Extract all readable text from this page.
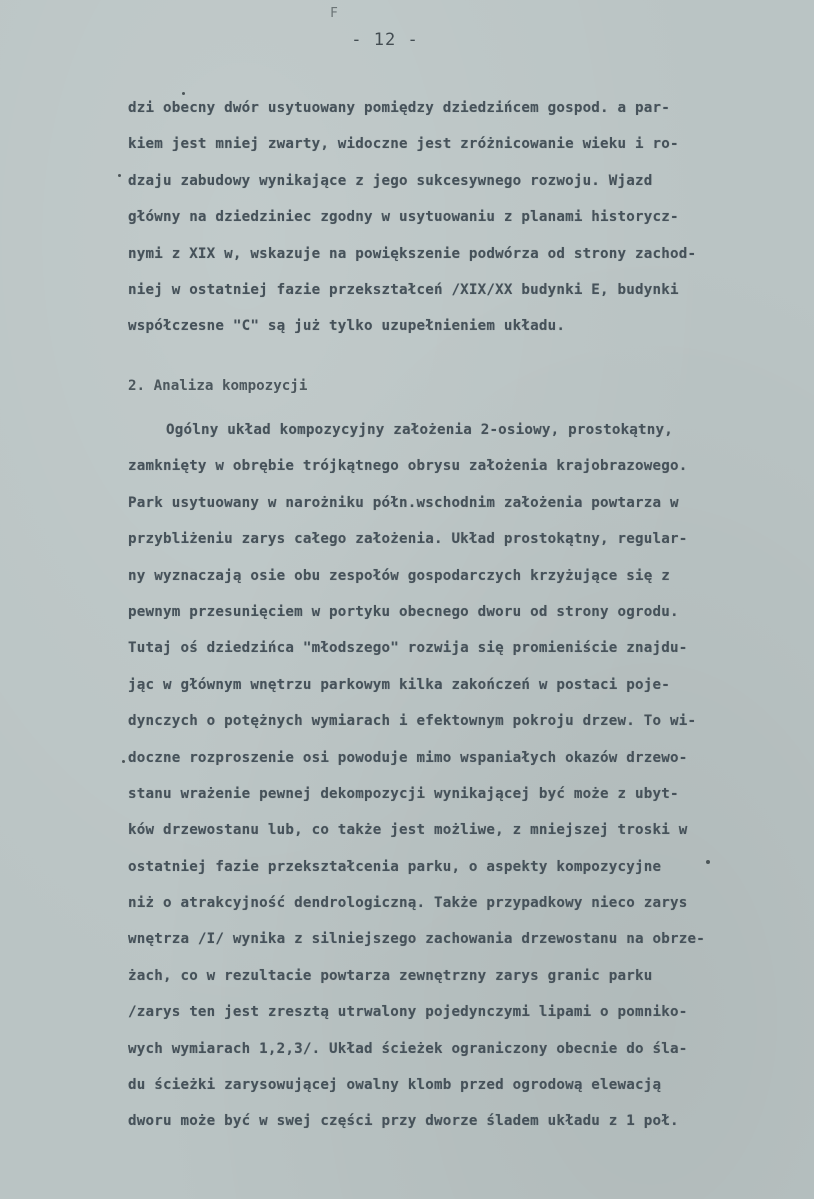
F
- 12 -
dzi obecny dwór usytuowany pomiędzy dziedzińcem gospod. a par-
kiem jest mniej zwarty, widoczne jest zróżnicowanie wieku i ro-
dzaju zabudowy wynikające z jego sukcesywnego rozwoju. Wjazd
główny na dziedziniec zgodny w usytuowaniu z planami historycz-
nymi z XIX w, wskazuje na powiększenie podwórza od strony zachod-
niej w ostatniej fazie przekształceń /XIX/XX budynki E, budynki
współczesne "C" są już tylko uzupełnieniem układu.
2. Analiza kompozycji
Ogólny układ kompozycyjny założenia 2-osiowy, prostokątny,
zamknięty w obrębie trójkątnego obrysu założenia krajobrazowego.
Park usytuowany w narożniku półn.wschodnim założenia powtarza w
przybliżeniu zarys całego założenia. Układ prostokątny, regular-
ny wyznaczają osie obu zespołów gospodarczych krzyżujące się z
pewnym przesunięciem w portyku obecnego dworu od strony ogrodu.
Tutaj oś dziedzińca "młodszego" rozwija się promieniście znajdu-
jąc w głównym wnętrzu parkowym kilka zakończeń w postaci poje-
dynczych o potężnych wymiarach i efektownym pokroju drzew. To wi-
doczne rozproszenie osi powoduje mimo wspaniałych okazów drzewo-
stanu wrażenie pewnej dekompozycji wynikającej być może z ubyt-
ków drzewostanu lub, co także jest możliwe, z mniejszej troski w
ostatniej fazie przekształcenia parku, o aspekty kompozycyjne
niż o atrakcyjność dendrologiczną. Także przypadkowy nieco zarys
wnętrza /I/ wynika z silniejszego zachowania drzewostanu na obrze-
żach, co w rezultacie powtarza zewnętrzny zarys granic parku
/zarys ten jest zresztą utrwalony pojedynczymi lipami o pomniko-
wych wymiarach 1,2,3/. Układ ścieżek ograniczony obecnie do śla-
du ścieżki zarysowującej owalny klomb przed ogrodową elewacją
dworu może być w swej części przy dworze śladem układu z 1 poł.
